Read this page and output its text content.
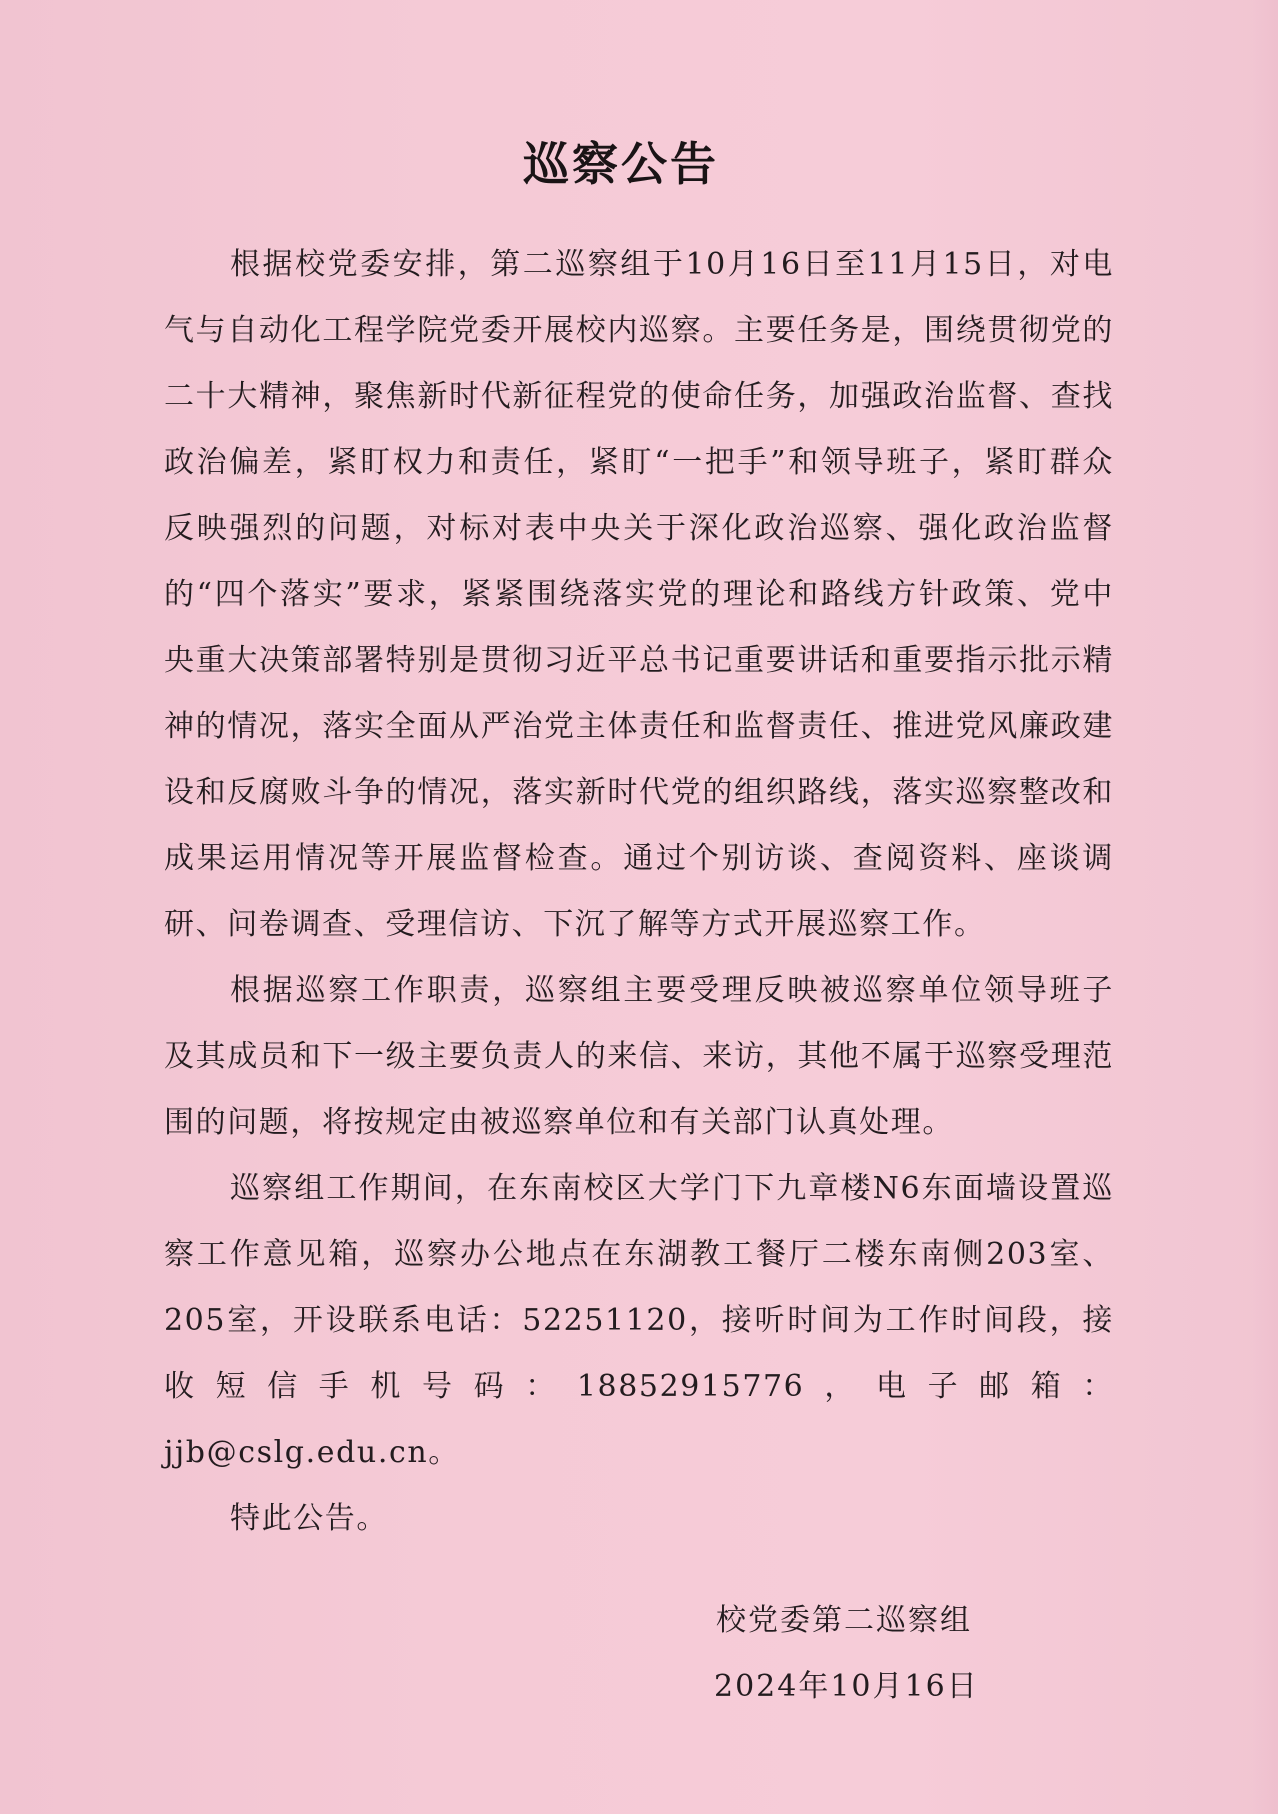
巡察公告

根据校党委安排，第二巡察组于10月16日至11月15日，对电气与自动化工程学院党委开展校内巡察。主要任务是，围绕贯彻党的二十大精神，聚焦新时代新征程党的使命任务，加强政治监督、查找政治偏差，紧盯权力和责任，紧盯“一把手”和领导班子，紧盯群众反映强烈的问题，对标对表中央关于深化政治巡察、强化政治监督的“四个落实”要求，紧紧围绕落实党的理论和路线方针政策、党中央重大决策部署特别是贯彻习近平总书记重要讲话和重要指示批示精神的情况，落实全面从严治党主体责任和监督责任、推进党风廉政建设和反腐败斗争的情况，落实新时代党的组织路线，落实巡察整改和成果运用情况等开展监督检查。通过个别访谈、查阅资料、座谈调研、问卷调查、受理信访、下沉了解等方式开展巡察工作。

根据巡察工作职责，巡察组主要受理反映被巡察单位领导班子及其成员和下一级主要负责人的来信、来访，其他不属于巡察受理范围的问题，将按规定由被巡察单位和有关部门认真处理。

巡察组工作期间，在东南校区大学门下九章楼N6东面墙设置巡察工作意见箱，巡察办公地点在东湖教工餐厅二楼东南侧203室、205室，开设联系电话：52251120，接听时间为工作时间段，接收短信手机号码：18852915776，电子邮箱：jjb@cslg.edu.cn。

特此公告。

校党委第二巡察组
2024年10月16日
